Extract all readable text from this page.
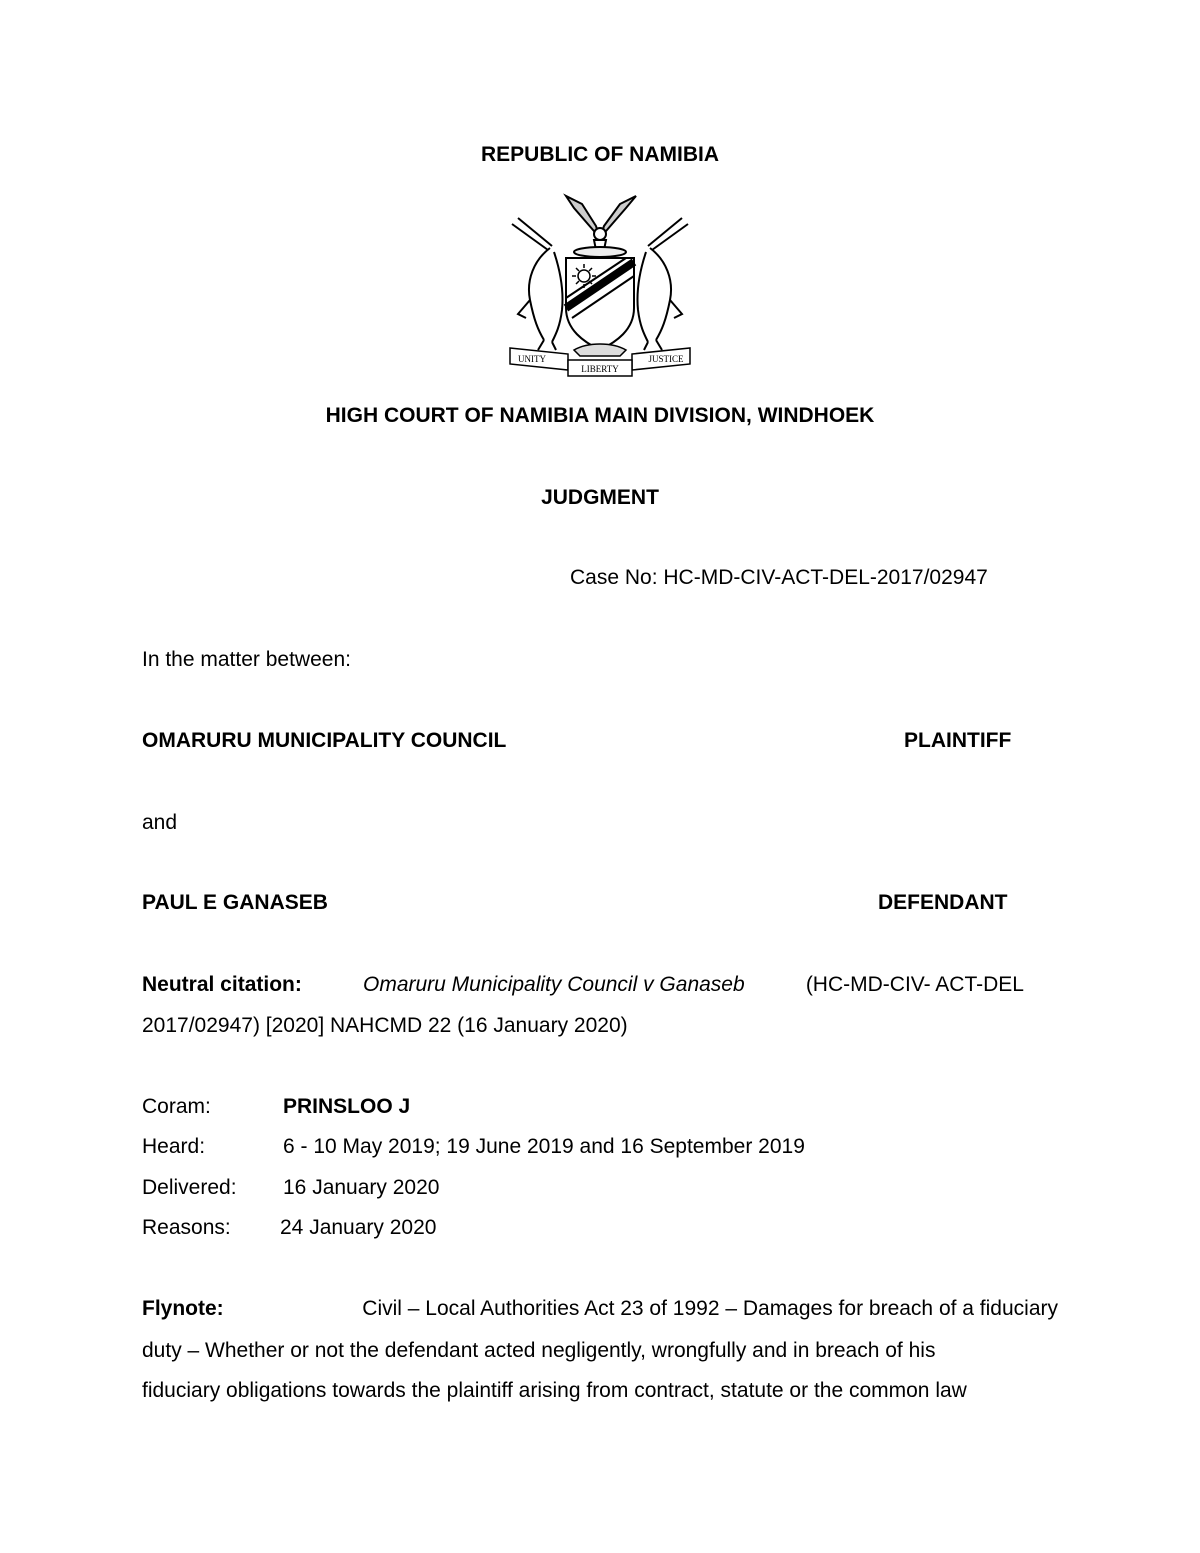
REPUBLIC OF NAMIBIA
UNITY
LIBERTY
JUSTICE
HIGH COURT OF NAMIBIA MAIN DIVISION, WINDHOEK
JUDGMENT
Case No: HC-MD-CIV-ACT-DEL-2017/02947
In the matter between:
OMARURU MUNICIPALITY COUNCIL	PLAINTIFF
and
PAUL E GANASEB	DEFENDANT
Neutral citation:	Omaruru Municipality Council v Ganaseb	(HC-MD-CIV- ACT-DEL
2017/02947) [2020] NAHCMD 22 (16 January 2020)
Coram:	PRINSLOO J
Heard:	6 - 10 May 2019; 19 June 2019 and 16 September 2019
Delivered: 16 January 2020
Reasons: 24 January 2020
Flynote:	Civil – Local Authorities Act 23 of 1992 – Damages for breach of a fiduciary
duty – Whether or not the defendant acted negligently, wrongfully and in breach of his
fiduciary obligations towards the plaintiff arising from contract, statute or the common law
